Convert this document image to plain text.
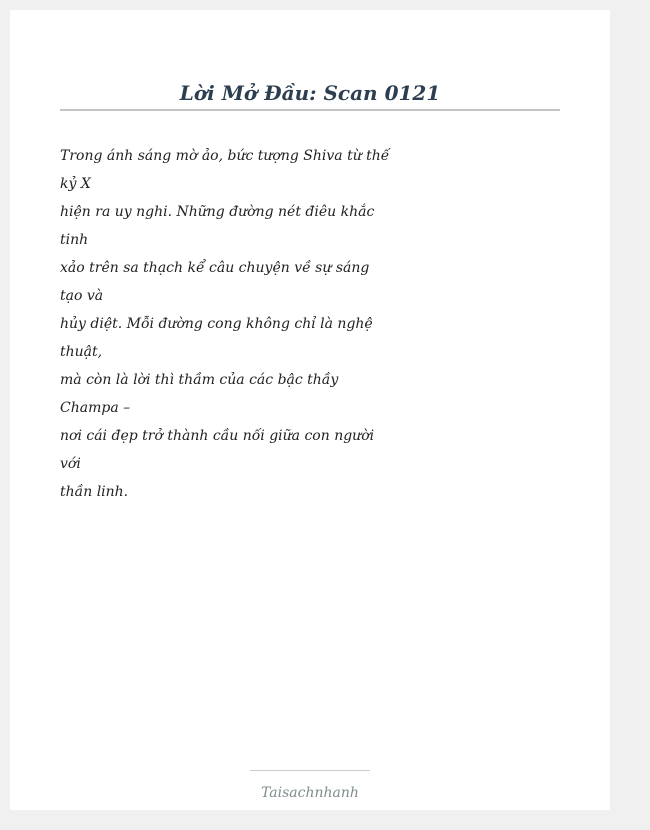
Lời Mở Đầu: Scan 0121
Trong ánh sáng mờ ảo, bức tượng Shiva từ thế
kỷ X
hiện ra uy nghi. Những đường nét điêu khắc
tinh
xảo trên sa thạch kể câu chuyện về sự sáng
tạo và
hủy diệt. Mỗi đường cong không chỉ là nghệ
thuật,
mà còn là lời thì thầm của các bậc thầy
Champa –
nơi cái đẹp trở thành cầu nối giữa con người
với
thần linh.
Taisachnhanh
